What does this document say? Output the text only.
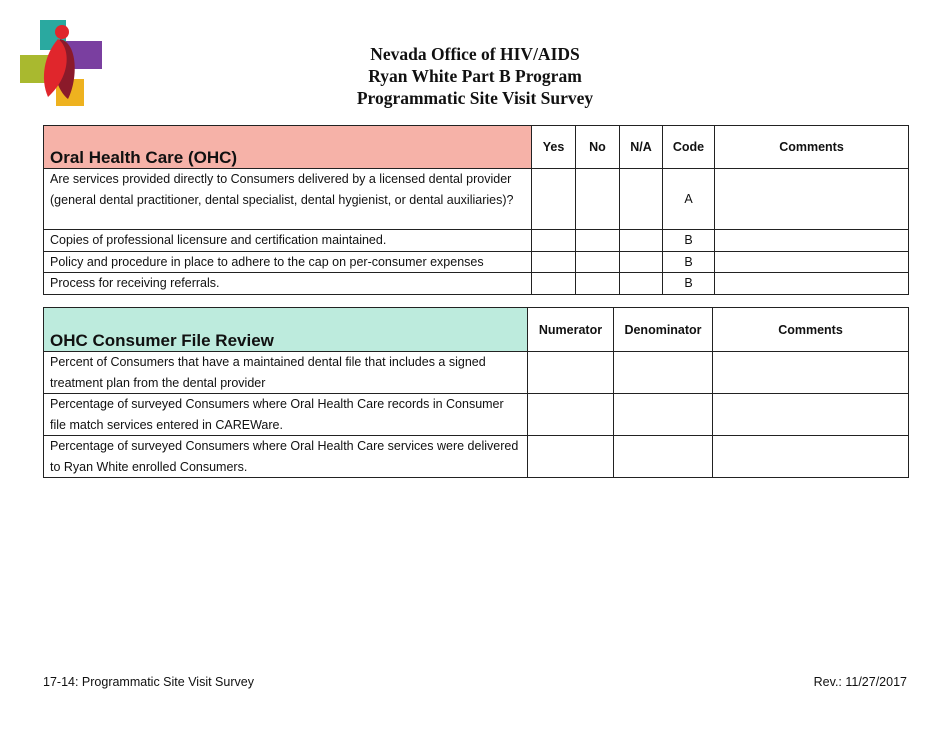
Nevada Office of HIV/AIDS
Ryan White Part B Program
Programmatic Site Visit Survey
Oral Health Care (OHC)	Yes	No	N/A	Code	Comments
Are services provided directly to Consumers delivered by a licensed dental provider (general dental practitioner, dental specialist, dental hygienist, or dental auxiliaries)?				A	
Copies of professional licensure and certification maintained.				B	
Policy and procedure in place to adhere to the cap on per-consumer expenses				B	
Process for receiving referrals.				B	
OHC Consumer File Review	Numerator	Denominator	Comments
Percent of Consumers that have a maintained dental file that includes a signed treatment plan from the dental provider			
Percentage of surveyed Consumers where Oral Health Care records in Consumer file match services entered in CAREWare.			
Percentage of surveyed Consumers where Oral Health Care services were delivered to Ryan White enrolled Consumers.			
17-14: Programmatic Site Visit Survey	Rev.: 11/27/2017
